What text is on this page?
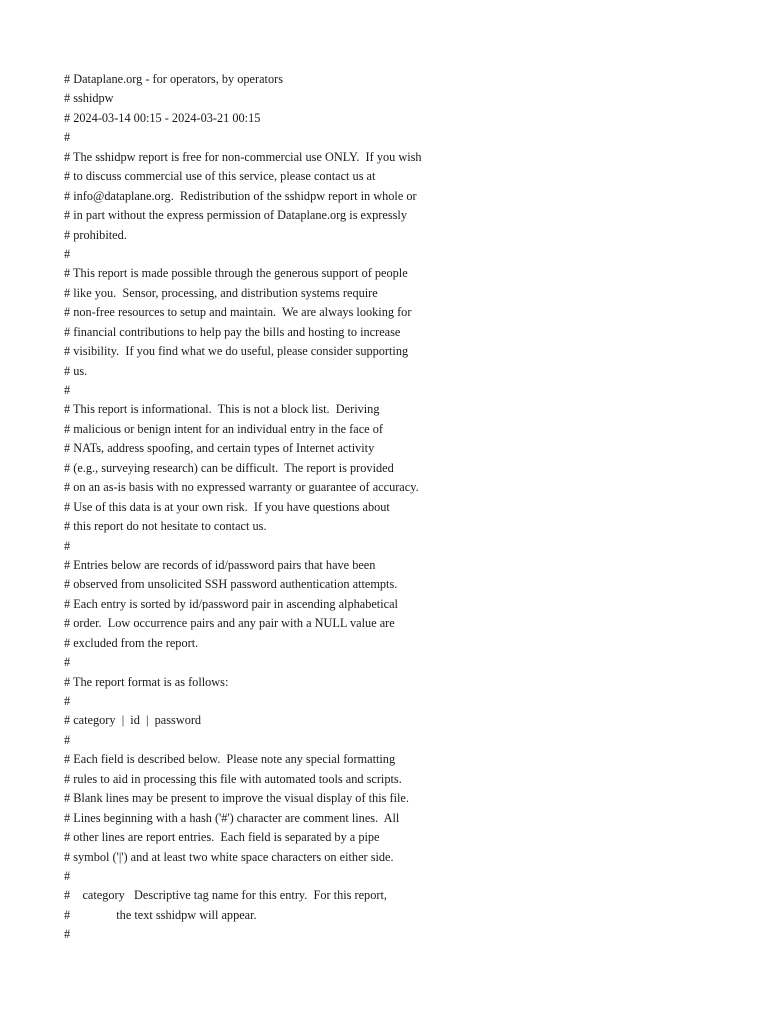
# Dataplane.org - for operators, by operators
# sshidpw
# 2024-03-14 00:15 - 2024-03-21 00:15
#
# The sshidpw report is free for non-commercial use ONLY.  If you wish
# to discuss commercial use of this service, please contact us at
# info@dataplane.org.  Redistribution of the sshidpw report in whole or
# in part without the express permission of Dataplane.org is expressly
# prohibited.
#
# This report is made possible through the generous support of people
# like you.  Sensor, processing, and distribution systems require
# non-free resources to setup and maintain.  We are always looking for
# financial contributions to help pay the bills and hosting to increase
# visibility.  If you find what we do useful, please consider supporting
# us.
#
# This report is informational.  This is not a block list.  Deriving
# malicious or benign intent for an individual entry in the face of
# NATs, address spoofing, and certain types of Internet activity
# (e.g., surveying research) can be difficult.  The report is provided
# on an as-is basis with no expressed warranty or guarantee of accuracy.
# Use of this data is at your own risk.  If you have questions about
# this report do not hesitate to contact us.
#
# Entries below are records of id/password pairs that have been
# observed from unsolicited SSH password authentication attempts.
# Each entry is sorted by id/password pair in ascending alphabetical
# order.  Low occurrence pairs and any pair with a NULL value are
# excluded from the report.
#
# The report format is as follows:
#
# category  |  id  |  password
#
# Each field is described below.  Please note any special formatting
# rules to aid in processing this file with automated tools and scripts.
# Blank lines may be present to improve the visual display of this file.
# Lines beginning with a hash ('#') character are comment lines.  All
# other lines are report entries.  Each field is separated by a pipe
# symbol ('|') and at least two white space characters on either side.
#
#    category   Descriptive tag name for this entry.  For this report,
#               the text sshidpw will appear.
#
